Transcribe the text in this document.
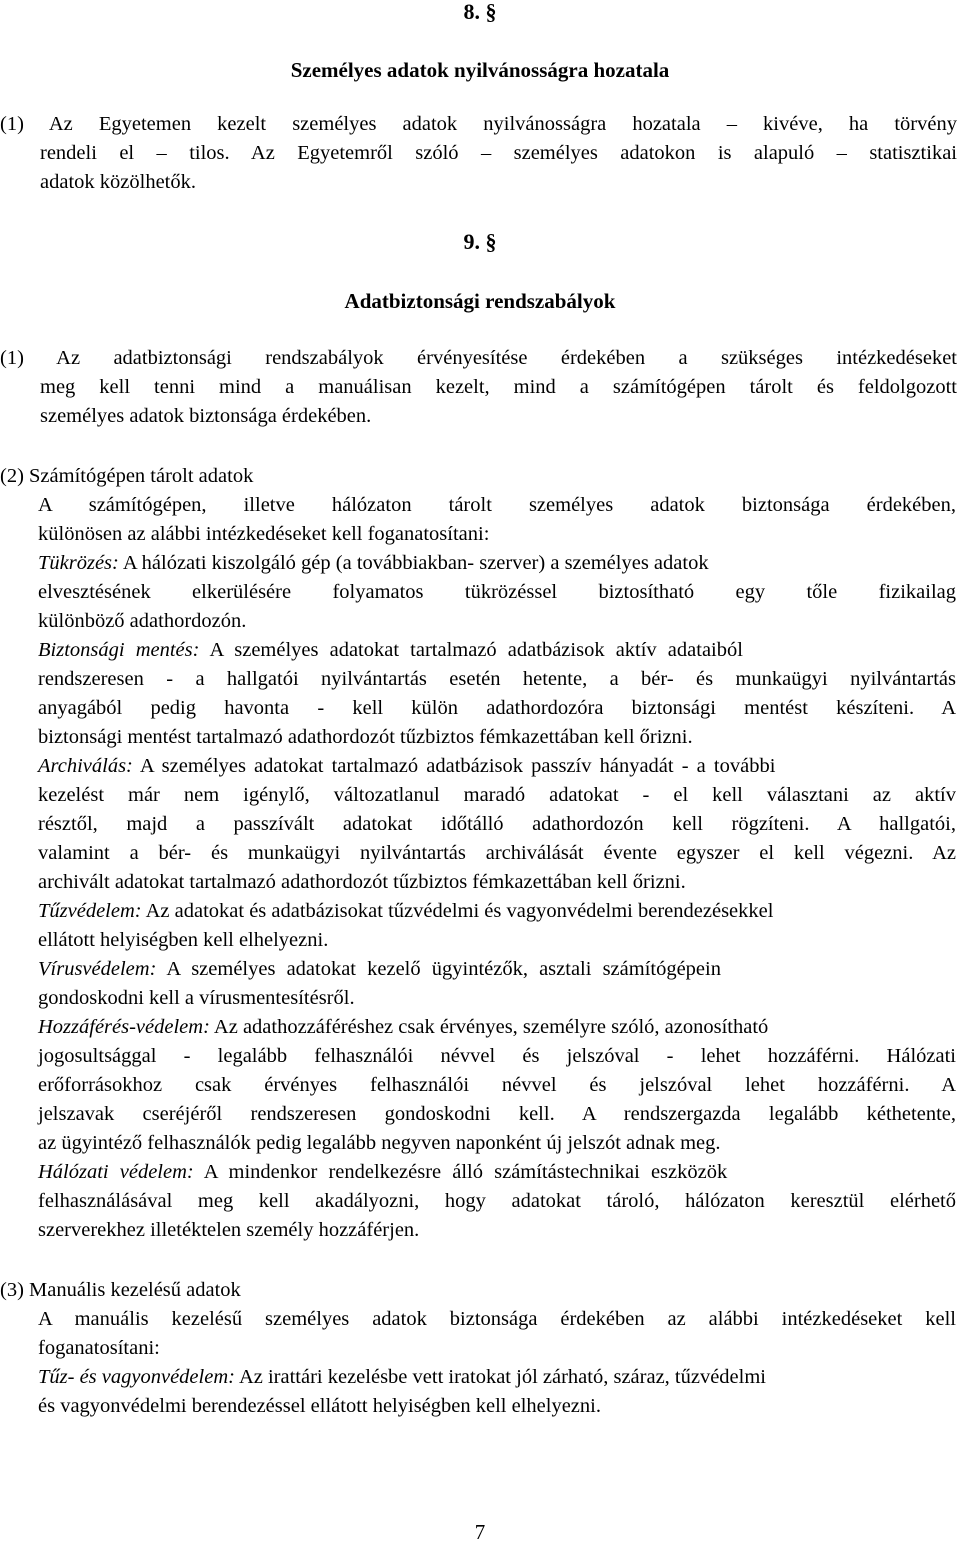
8. §
Személyes adatok nyilvánosságra hozatala
(1) Az Egyetemen kezelt személyes adatok nyilvánosságra hozatala – kivéve, ha törvény
rendeli el – tilos. Az Egyetemről szóló – személyes adatokon is alapuló – statisztikai
adatok közölhetők.
9. §
Adatbiztonsági rendszabályok
(1) Az adatbiztonsági rendszabályok érvényesítése érdekében a szükséges intézkedéseket
meg kell tenni mind a manuálisan kezelt, mind a számítógépen tárolt és feldolgozott
személyes adatok biztonsága érdekében.
(2) Számítógépen tárolt adatok
A számítógépen, illetve hálózaton tárolt személyes adatok biztonsága érdekében,
különösen az alábbi intézkedéseket kell foganatosítani:
Tükrözés: A hálózati kiszolgáló gép (a továbbiakban- szerver) a személyes adatok
elvesztésének elkerülésére folyamatos tükrözéssel biztosítható egy tőle fizikailag
különböző adathordozón.
Biztonsági mentés: A személyes adatokat tartalmazó adatbázisok aktív adataiból
rendszeresen - a hallgatói nyilvántartás esetén hetente, a bér- és munkaügyi nyilvántartás
anyagából pedig havonta - kell külön adathordozóra biztonsági mentést készíteni. A
biztonsági mentést tartalmazó adathordozót tűzbiztos fémkazettában kell őrizni.
Archiválás: A személyes adatokat tartalmazó adatbázisok passzív hányadát - a további
kezelést már nem igénylő, változatlanul maradó adatokat - el kell választani az aktív
résztől, majd a passzívált adatokat időtálló adathordozón kell rögzíteni. A hallgatói,
valamint a bér- és munkaügyi nyilvántartás archiválását évente egyszer el kell végezni. Az
archivált adatokat tartalmazó adathordozót tűzbiztos fémkazettában kell őrizni.
Tűzvédelem: Az adatokat és adatbázisokat tűzvédelmi és vagyonvédelmi berendezésekkel
ellátott helyiségben kell elhelyezni.
Vírusvédelem: A személyes adatokat kezelő ügyintézők, asztali számítógépein
gondoskodni kell a vírusmentesítésről.
Hozzáférés-védelem: Az adathozzáféréshez csak érvényes, személyre szóló, azonosítható
jogosultsággal - legalább felhasználói névvel és jelszóval - lehet hozzáférni. Hálózati
erőforrásokhoz csak érvényes felhasználói névvel és jelszóval lehet hozzáférni. A
jelszavak cseréjéről rendszeresen gondoskodni kell. A rendszergazda legalább kéthetente,
az ügyintéző felhasználók pedig legalább negyven naponként új jelszót adnak meg.
Hálózati védelem: A mindenkor rendelkezésre álló számítástechnikai eszközök
felhasználásával meg kell akadályozni, hogy adatokat tároló, hálózaton keresztül elérhető
szerverekhez illetéktelen személy hozzáférjen.
(3) Manuális kezelésű adatok
A manuális kezelésű személyes adatok biztonsága érdekében az alábbi intézkedéseket kell
foganatosítani:
Tűz- és vagyonvédelem: Az irattári kezelésbe vett iratokat jól zárható, száraz, tűzvédelmi
és vagyonvédelmi berendezéssel ellátott helyiségben kell elhelyezni.
7
